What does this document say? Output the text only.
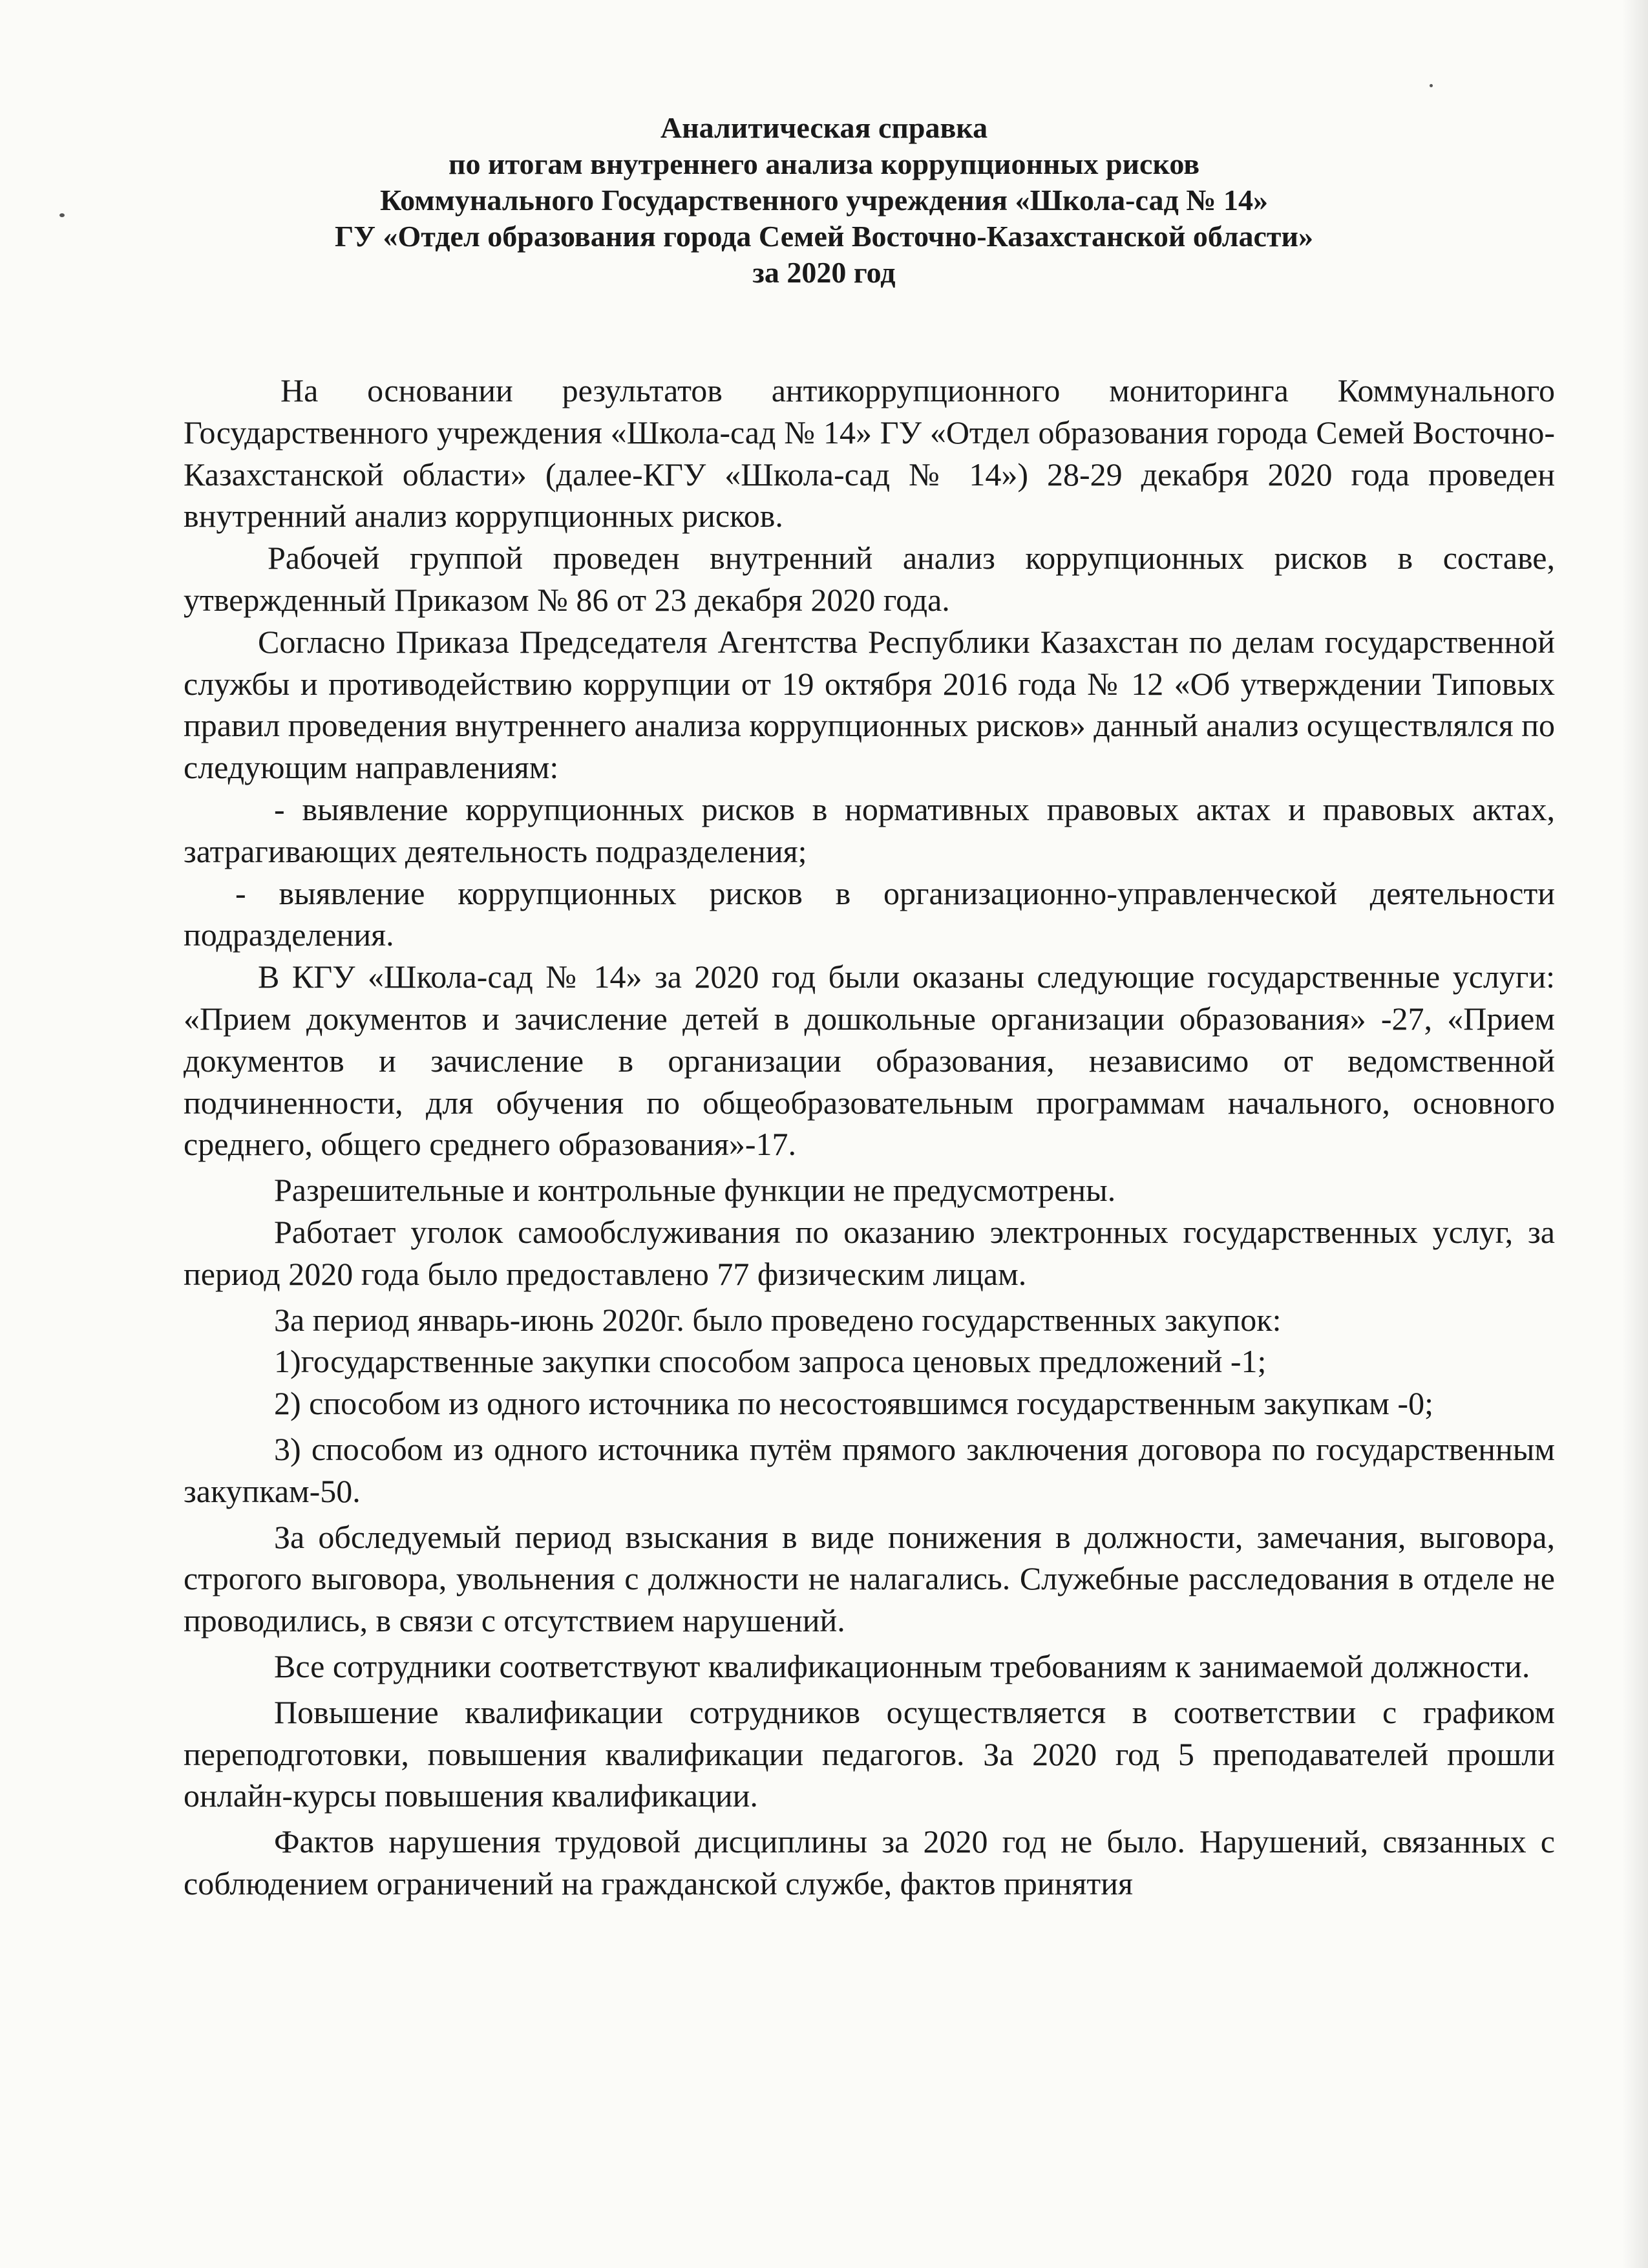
Аналитическая справка
по итогам внутреннего анализа коррупционных рисков
Коммунального Государственного учреждения «Школа-сад № 14»
ГУ «Отдел образования города Семей Восточно-Казахстанской области»
за 2020 год

На основании результатов антикоррупционного мониторинга Коммунального Государственного учреждения «Школа-сад № 14» ГУ «Отдел образования города Семей Восточно-Казахстанской области» (далее-КГУ «Школа-сад № 14») 28-29 декабря 2020 года проведен внутренний анализ коррупционных рисков.

Рабочей группой проведен внутренний анализ коррупционных рисков в составе, утвержденный Приказом № 86 от 23 декабря 2020 года.

Согласно Приказа Председателя Агентства Республики Казахстан по делам государственной службы и противодействию коррупции от 19 октября 2016 года № 12 «Об утверждении Типовых правил проведения внутреннего анализа коррупционных рисков» данный анализ осуществлялся по следующим направлениям:

- выявление коррупционных рисков в нормативных правовых актах и правовых актах, затрагивающих деятельность подразделения;

- выявление коррупционных рисков в организационно-управленческой деятельности подразделения.

В КГУ «Школа-сад № 14» за 2020 год были оказаны следующие государственные услуги: «Прием документов и зачисление детей в дошкольные организации образования» -27, «Прием документов и зачисление в организации образования, независимо от ведомственной подчиненности, для обучения по общеобразовательным программам начального, основного среднего, общего среднего образования»-17.

Разрешительные и контрольные функции не предусмотрены.

Работает уголок самообслуживания по оказанию электронных государственных услуг, за период 2020 года было предоставлено 77 физическим лицам.

За период январь-июнь 2020г. было проведено государственных закупок:

1)государственные закупки способом запроса ценовых предложений -1;

2) способом из одного источника по несостоявшимся государственным закупкам -0;

3) способом из одного источника путём прямого заключения договора по государственным закупкам-50.

За обследуемый период взыскания в виде понижения в должности, замечания, выговора, строгого выговора, увольнения с должности не налагались. Служебные расследования в отделе не проводились, в связи с отсутствием нарушений.

Все сотрудники соответствуют квалификационным требованиям к занимаемой должности.

Повышение квалификации сотрудников осуществляется в соответствии с графиком переподготовки, повышения квалификации педагогов. За 2020 год 5 преподавателей прошли онлайн-курсы повышения квалификации.

Фактов нарушения трудовой дисциплины за 2020 год не было. Нарушений, связанных с соблюдением ограничений на гражданской службе, фактов принятия
